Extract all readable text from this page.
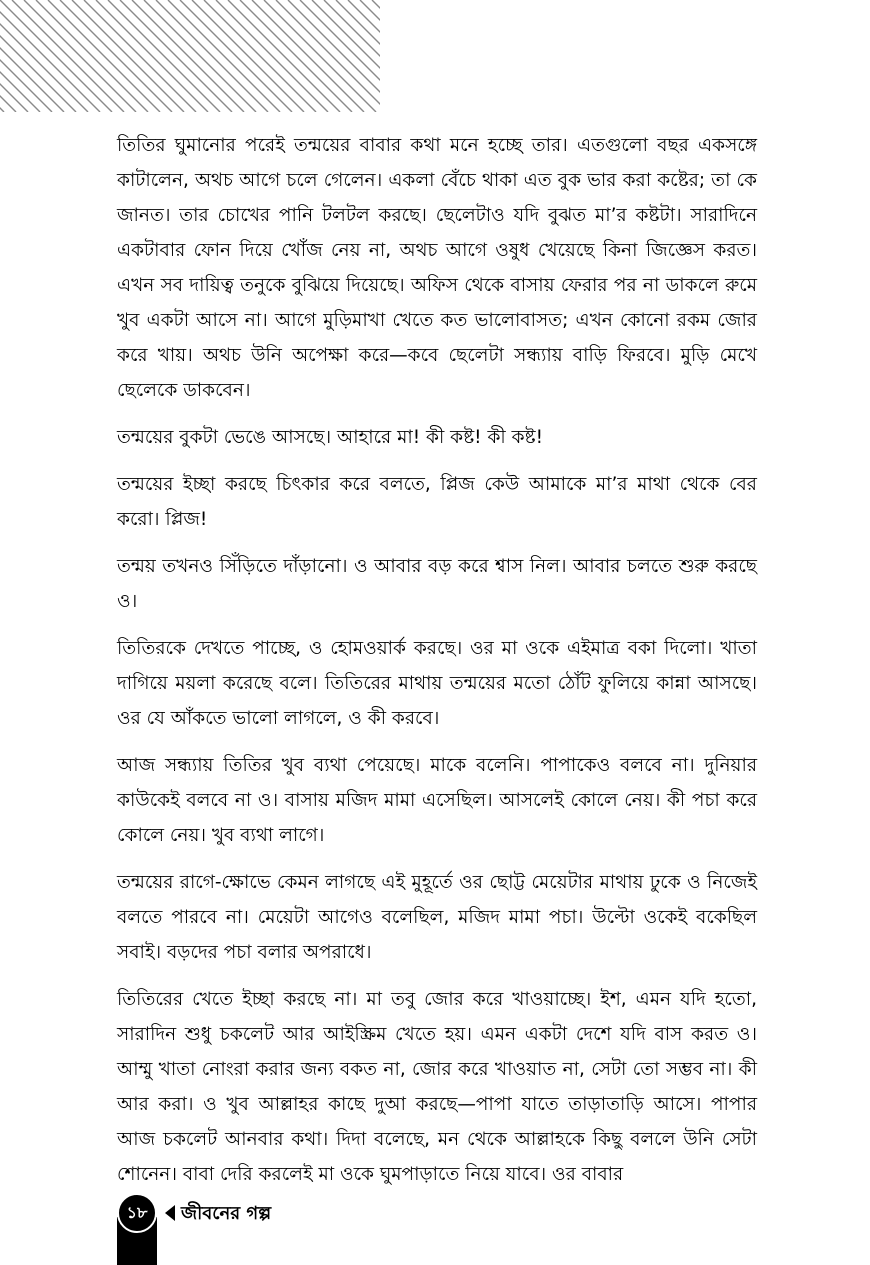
তিতির ঘুমানোর পরেই তন্ময়ের বাবার কথা মনে হচ্ছে তার। এতগুলো বছর একসঙ্গে কাটালেন, অথচ আগে চলে গেলেন। একলা বেঁচে থাকা এত বুক ভার করা কষ্টের; তা কে জানত। তার চোখের পানি টলটল করছে। ছেলেটাও যদি বুঝত মা’র কষ্টটা। সারাদিনে একটাবার ফোন দিয়ে খোঁজ নেয় না, অথচ আগে ওষুধ খেয়েছে কিনা জিজ্ঞেস করত। এখন সব দায়িত্ব তনুকে বুঝিয়ে দিয়েছে। অফিস থেকে বাসায় ফেরার পর না ডাকলে রুমে খুব একটা আসে না। আগে মুড়িমাখা খেতে কত ভালোবাসত; এখন কোনো রকম জোর করে খায়। অথচ উনি অপেক্ষা করে—কবে ছেলেটা সন্ধ্যায় বাড়ি ফিরবে। মুড়ি মেখে ছেলেকে ডাকবেন।

তন্ময়ের বুকটা ভেঙে আসছে। আহারে মা! কী কষ্ট! কী কষ্ট!

তন্ময়ের ইচ্ছা করছে চিৎকার করে বলতে, প্লিজ কেউ আমাকে মা’র মাথা থেকে বের করো। প্লিজ!

তন্ময় তখনও সিঁড়িতে দাঁড়ানো। ও আবার বড় করে শ্বাস নিল। আবার চলতে শুরু করছে ও।

তিতিরকে দেখতে পাচ্ছে, ও হোমওয়ার্ক করছে। ওর মা ওকে এইমাত্র বকা দিলো। খাতা দাগিয়ে ময়লা করেছে বলে। তিতিরের মাথায় তন্ময়ের মতো ঠোঁট ফুলিয়ে কান্না আসছে। ওর যে আঁকতে ভালো লাগলে, ও কী করবে।

আজ সন্ধ্যায় তিতির খুব ব্যথা পেয়েছে। মাকে বলেনি। পাপাকেও বলবে না। দুনিয়ার কাউকেই বলবে না ও। বাসায় মজিদ মামা এসেছিল। আসলেই কোলে নেয়। কী পচা করে কোলে নেয়। খুব ব্যথা লাগে।

তন্ময়ের রাগে-ক্ষোভে কেমন লাগছে এই মুহূর্তে ওর ছোট্ট মেয়েটার মাথায় ঢুকে ও নিজেই বলতে পারবে না। মেয়েটা আগেও বলেছিল, মজিদ মামা পচা। উল্টো ওকেই বকেছিল সবাই। বড়দের পচা বলার অপরাধে।

তিতিরের খেতে ইচ্ছা করছে না। মা তবু জোর করে খাওয়াচ্ছে। ইশ, এমন যদি হতো, সারাদিন শুধু চকলেট আর আইস্ক্রিম খেতে হয়। এমন একটা দেশে যদি বাস করত ও। আম্মু খাতা নোংরা করার জন্য বকত না, জোর করে খাওয়াত না, সেটা তো সম্ভব না। কী আর করা। ও খুব আল্লাহর কাছে দুআ করছে—পাপা যাতে তাড়াতাড়ি আসে। পাপার আজ চকলেট আনবার কথা। দিদা বলেছে, মন থেকে আল্লাহকে কিছু বললে উনি সেটা শোনেন। বাবা দেরি করলেই মা ওকে ঘুমপাড়াতে নিয়ে যাবে। ওর বাবার

১৮	জীবনের গল্প
